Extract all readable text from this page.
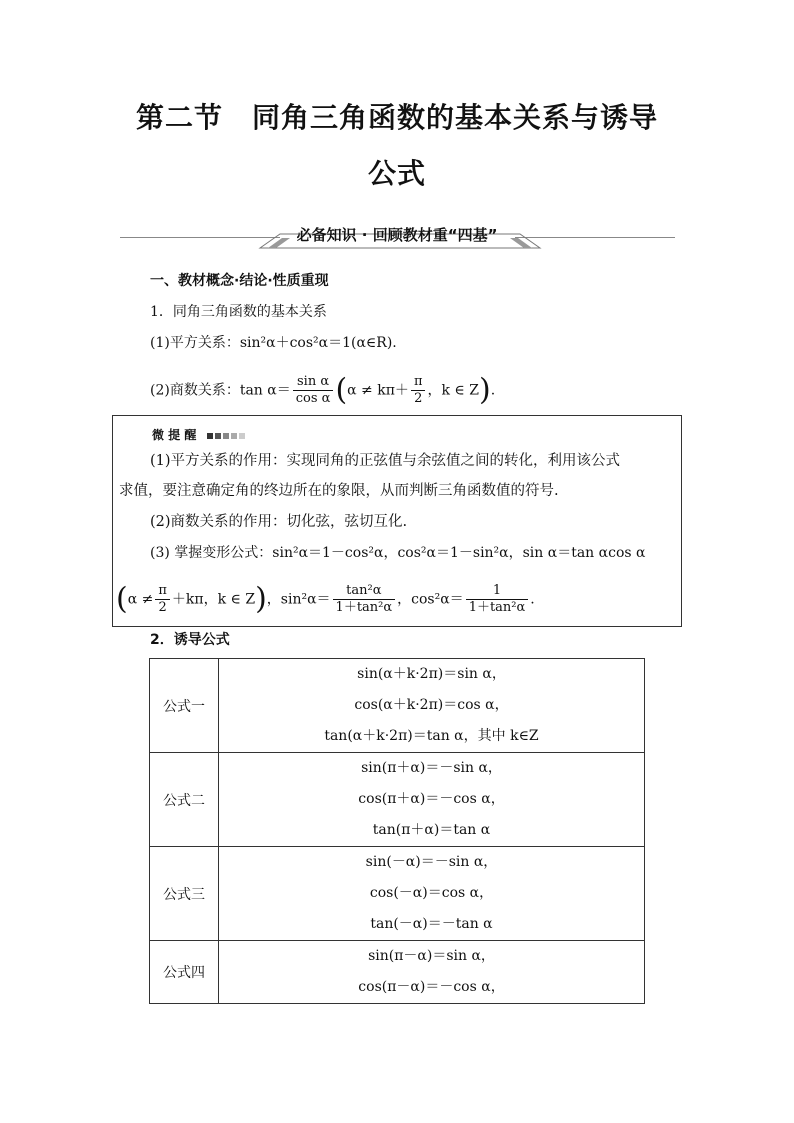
第二节　同角三角函数的基本关系与诱导
公式
必备知识 · 回顾教材重“四基”
一、教材概念·结论·性质重现
1．同角三角函数的基本关系
(1)平方关系：sin²α＋cos²α＝1(α∈R).
(2)商数关系：$\tan \alpha= \frac{\text{sin α}}{\text{cos α}} (\alpha \ne k\pi+ \frac{\pi}{2}$ ，k ∈ Z).
微 提 醒
(1)平方关系的作用：实现同角的正弦值与余弦值之间的转化，利用该公式
求值，要注意确定角的终边所在的象限，从而判断三角函数值的符号.
(2)商数关系的作用：切化弦，弦切互化.
(3) 掌握变形公式：sin²α＝1－cos²α，cos²α＝1－sin²α，sin α＝tan αcos α
($\alpha \ne \frac{\pi}{2} +k\pi$，k ∈ Z)，$\sin^2\alpha= \frac{\text{tan²α}}{\text{1＋tan²α}}$ ，$\cos^2\alpha= \frac{1}{\text{1＋tan²α}}$ .
2．诱导公式
公式一	sin(α＋k·2π)＝sin α，
cos(α＋k·2π)＝cos α，
tan(α＋k·2π)＝tan α，其中 k∈Z

公式二	sin(π＋α)＝－sin α，
cos(π＋α)＝－cos α，
tan(π＋α)＝tan α

公式三	sin(－α)＝－sin α，
cos(－α)＝cos α，
tan(－α)＝－tan α

公式四	sin(π－α)＝sin α，
cos(π－α)＝－cos α，
